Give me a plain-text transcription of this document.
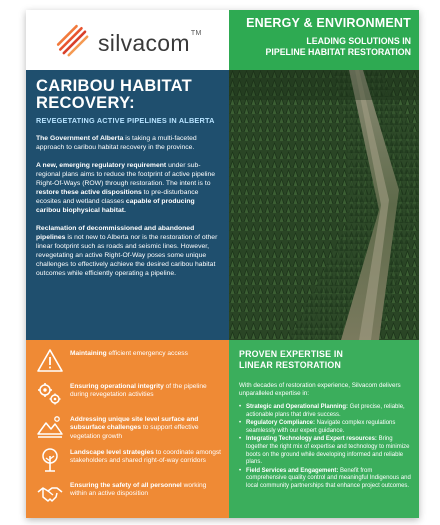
silvacom™
ENERGY & ENVIRONMENT
LEADING SOLUTIONS IN
PIPELINE HABITAT RESTORATION
CARIBOU HABITAT
RECOVERY:
REVEGETATING ACTIVE PIPELINES IN ALBERTA

The Government of Alberta is taking a multi-faceted approach to caribou habitat recovery in the province.

A new, emerging regulatory requirement under sub-regional plans aims to reduce the footprint of active pipeline Right-Of-Ways (ROW) through restoration. The intent is to restore these active dispositions to pre-disturbance ecosites and wetland classes capable of producing caribou biophysical habitat.

Reclamation of decommissioned and abandoned pipelines is not new to Alberta nor is the restoration of other linear footprint such as roads and seismic lines. However, revegetating an active Right-Of-Way poses some unique challenges to effectively achieve the desired caribou habitat outcomes while efficiently operating a pipeline.

Maintaining efficient emergency access
Ensuring operational integrity of the pipeline during revegetation activities
Addressing unique site level surface and subsurface challenges to support effective vegetation growth
Landscape level strategies to coordinate amongst stakeholders and shared right-of-way corridors
Ensuring the safety of all personnel working within an active disposition
PROVEN EXPERTISE IN
LINEAR RESTORATION

With decades of restoration experience, Silvacom delivers unparalleled expertise in:

• Strategic and Operational Planning: Get precise, reliable, actionable plans that drive success.
• Regulatory Compliance: Navigate complex regulations seamlessly with our expert guidance.
• Integrating Technology and Expert resources: Bring together the right mix of expertise and technology to minimize boots on the ground while developing informed and reliable plans.
• Field Services and Engagement: Benefit from comprehensive quality control and meaningful Indigenous and local community partnerships that enhance project outcomes.
